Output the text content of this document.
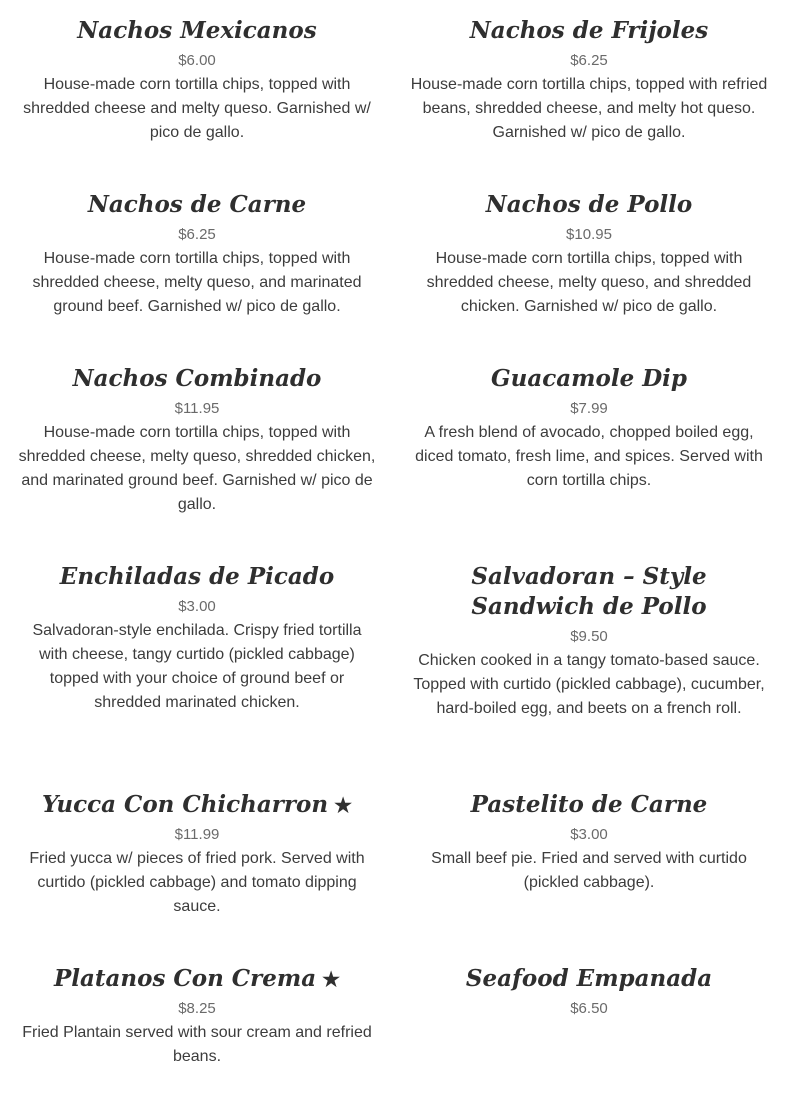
Nachos Mexicanos
$6.00

House-made corn tortilla chips, topped with shredded cheese and melty queso. Garnished w/ pico de gallo.

Nachos de Frijoles
$6.25

House-made corn tortilla chips, topped with refried beans, shredded cheese, and melty hot queso. Garnished w/ pico de gallo.

Nachos de Carne
$6.25

House-made corn tortilla chips, topped with shredded cheese, melty queso, and marinated ground beef. Garnished w/ pico de gallo.

Nachos de Pollo
$10.95

House-made corn tortilla chips, topped with shredded cheese, melty queso, and shredded chicken. Garnished w/ pico de gallo.

Nachos Combinado
$11.95

House-made corn tortilla chips, topped with shredded cheese, melty queso, shredded chicken, and marinated ground beef. Garnished w/ pico de gallo.

Guacamole Dip
$7.99

A fresh blend of avocado, chopped boiled egg, diced tomato, fresh lime, and spices. Served with corn tortilla chips.

Enchiladas de Picado
$3.00

Salvadoran-style enchilada. Crispy fried tortilla with cheese, tangy curtido (pickled cabbage) topped with your choice of ground beef or shredded marinated chicken.

Salvadoran – Style Sandwich de Pollo
$9.50

Chicken cooked in a tangy tomato-based sauce. Topped with curtido (pickled cabbage), cucumber, hard-boiled egg, and beets on a french roll.

Yucca Con Chicharron ★
$11.99

Fried yucca w/ pieces of fried pork. Served with curtido (pickled cabbage) and tomato dipping sauce.

Pastelito de Carne
$3.00

Small beef pie. Fried and served with curtido (pickled cabbage).

Platanos Con Crema ★
$8.25

Fried Plantain served with sour cream and refried beans.

Seafood Empanada
$6.50
